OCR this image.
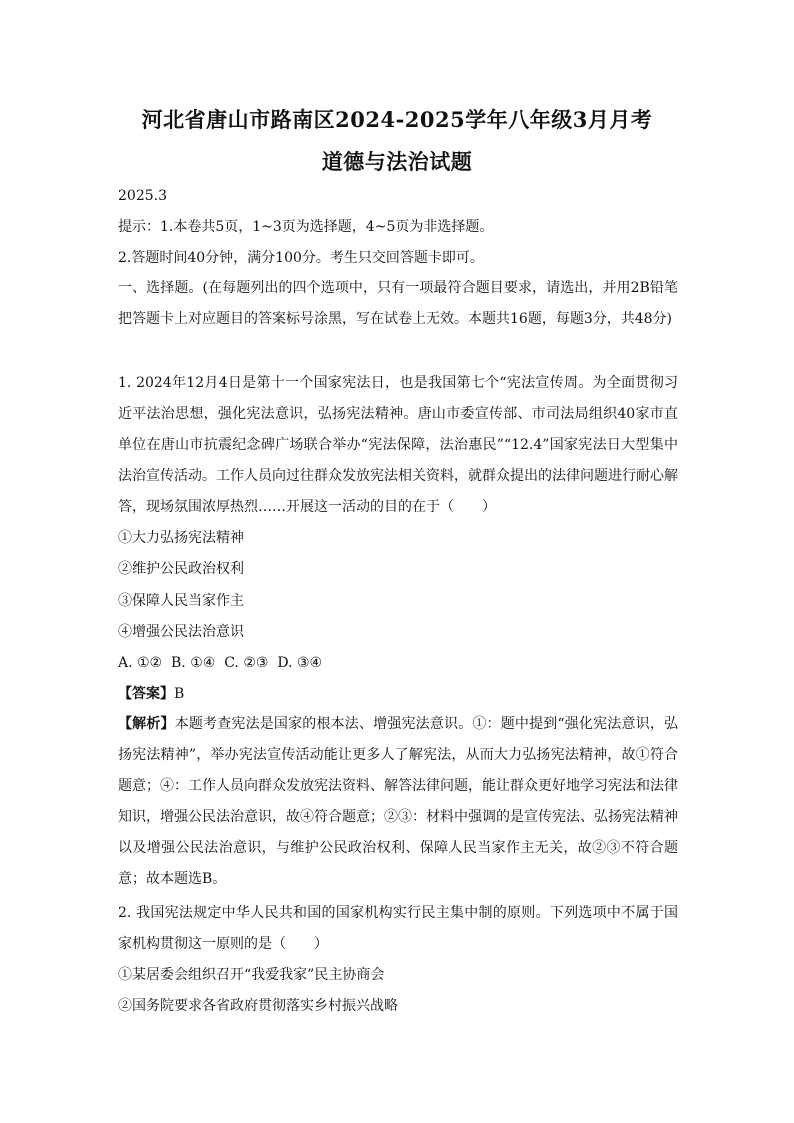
河北省唐山市路南区2024-2025学年八年级3月月考
道德与法治试题
2025.3
提示：1.本卷共5页，1~3页为选择题，4~5页为非选择题。
2.答题时间40分钟，满分100分。考生只交回答题卡即可。
一、选择题。(在每题列出的四个选项中，只有一项最符合题目要求，请选出，并用2B铅笔把答题卡上对应题目的答案标号涂黑，写在试卷上无效。本题共16题，每题3分，共48分)
1. 2024年12月4日是第十一个国家宪法日，也是我国第七个“宪法宣传周。为全面贯彻习近平法治思想，强化宪法意识，弘扬宪法精神。唐山市委宣传部、市司法局组织40家市直单位在唐山市抗震纪念碑广场联合举办“宪法保障，法治惠民”“12.4”国家宪法日大型集中法治宣传活动。工作人员向过往群众发放宪法相关资料，就群众提出的法律问题进行耐心解答，现场氛围浓厚热烈……开展这一活动的目的在于（　　）
①大力弘扬宪法精神
②维护公民政治权利
③保障人民当家作主
④增强公民法治意识
A. ①②  B. ①④  C. ②③  D. ③④
【答案】B
【解析】本题考查宪法是国家的根本法、增强宪法意识。①：题中提到“强化宪法意识，弘扬宪法精神”，举办宪法宣传活动能让更多人了解宪法，从而大力弘扬宪法精神，故①符合题意；④：工作人员向群众发放宪法资料、解答法律问题，能让群众更好地学习宪法和法律知识，增强公民法治意识，故④符合题意；②③：材料中强调的是宣传宪法、弘扬宪法精神以及增强公民法治意识，与维护公民政治权利、保障人民当家作主无关，故②③不符合题意；故本题选B。
2. 我国宪法规定中华人民共和国的国家机构实行民主集中制的原则。下列选项中不属于国家机构贯彻这一原则的是（　　）
①某居委会组织召开“我爱我家”民主协商会
②国务院要求各省政府贯彻落实乡村振兴战略
